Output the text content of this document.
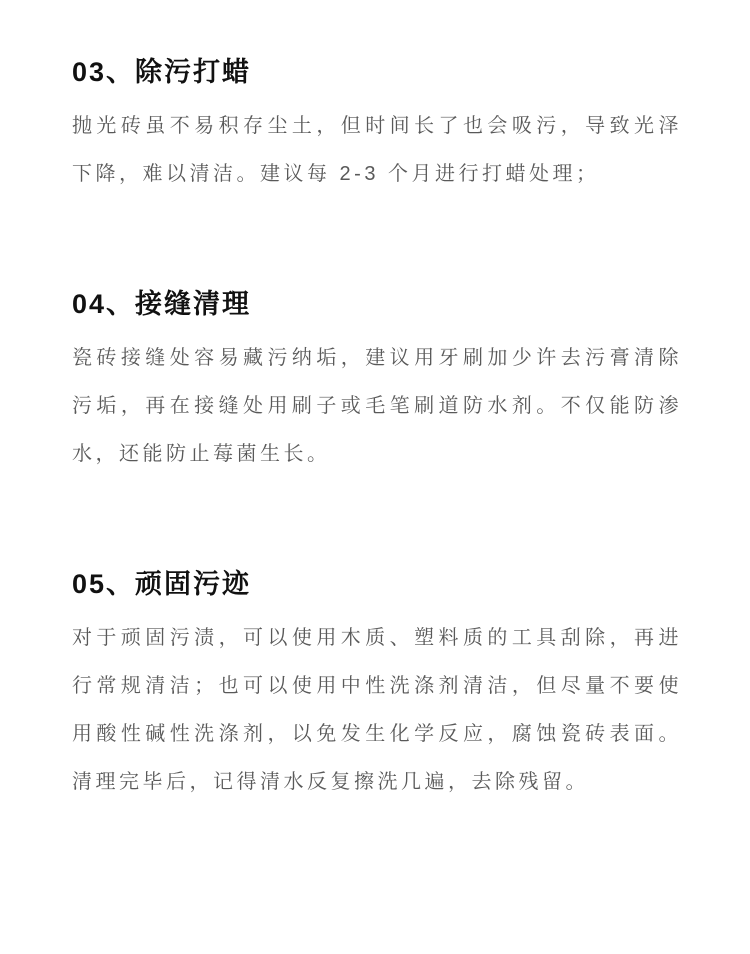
03、除污打蜡

抛光砖虽不易积存尘土，但时间长了也会吸污，导致光泽下降，难以清洁。建议每 2-3 个月进行打蜡处理；

04、接缝清理

瓷砖接缝处容易藏污纳垢，建议用牙刷加少许去污膏清除污垢，再在接缝处用刷子或毛笔刷道防水剂。不仅能防渗水，还能防止莓菌生长。

05、顽固污迹

对于顽固污渍，可以使用木质、塑料质的工具刮除，再进行常规清洁；也可以使用中性洗涤剂清洁，但尽量不要使用酸性碱性洗涤剂，以免发生化学反应，腐蚀瓷砖表面。清理完毕后，记得清水反复擦洗几遍，去除残留。
